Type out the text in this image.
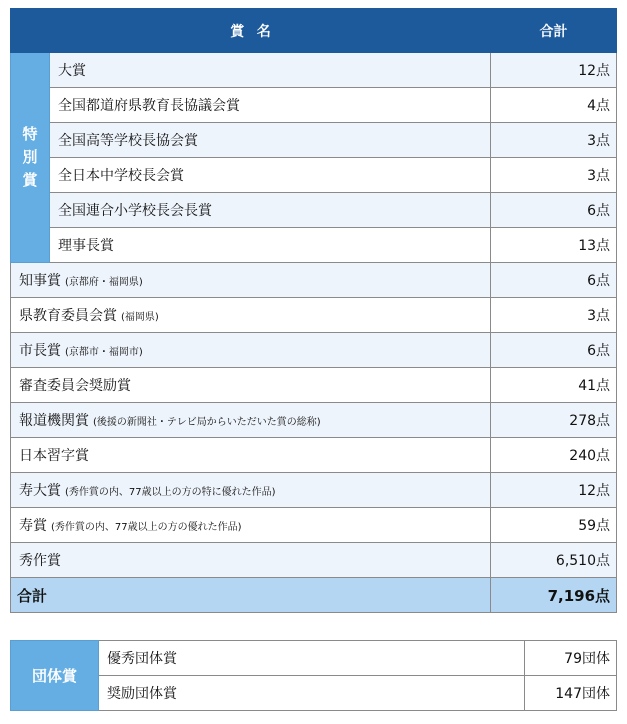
賞名		合計

特
別
賞	大賞	12点
	全国都道府県教育長協議会賞	4点
	全国高等学校長協会賞	3点
	全日本中学校長会賞	3点
	全国連合小学校長会長賞	6点
	理事長賞	13点
知事賞 (京都府・福岡県)		6点
県教育委員会賞 (福岡県)		3点
市長賞 (京都市・福岡市)		6点
審査委員会奨励賞		41点
報道機関賞 (後援の新聞社・テレビ局からいただいた賞の総称)		278点
日本習字賞		240点
寿大賞 (秀作賞の内、77歳以上の方の特に優れた作品)		12点
寿賞 (秀作賞の内、77歳以上の方の優れた作品)		59点
秀作賞		6,510点
合計		7,196点
団体賞	優秀団体賞	79団体
	奨励団体賞	147団体
